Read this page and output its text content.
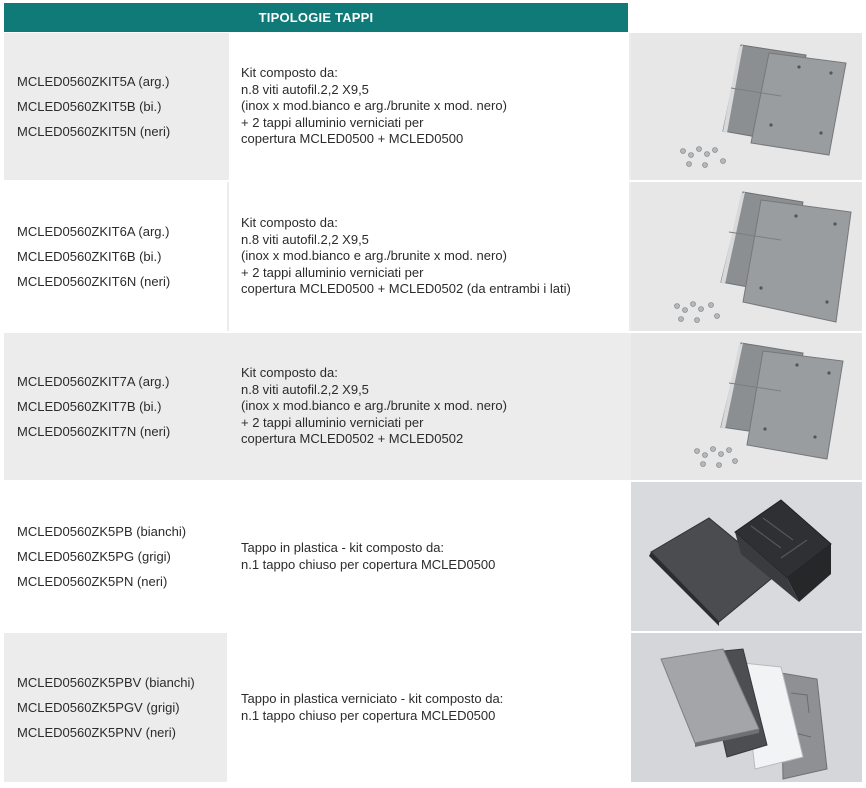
TIPOLOGIE TAPPI
MCLED0560ZKIT5A (arg.)
MCLED0560ZKIT5B (bi.)
MCLED0560ZKIT5N (neri)
Kit composto da:
n.8 viti autofil.2,2 X9,5
(inox x mod.bianco e arg./brunite x mod. nero)
+ 2 tappi alluminio verniciati per
copertura MCLED0500 + MCLED0500
MCLED0560ZKIT6A (arg.)
MCLED0560ZKIT6B (bi.)
MCLED0560ZKIT6N (neri)
Kit composto da:
n.8 viti autofil.2,2 X9,5
(inox x mod.bianco e arg./brunite x mod. nero)
+ 2 tappi alluminio verniciati per
copertura MCLED0500 + MCLED0502 (da entrambi i lati)
MCLED0560ZKIT7A (arg.)
MCLED0560ZKIT7B (bi.)
MCLED0560ZKIT7N (neri)
Kit composto da:
n.8 viti autofil.2,2 X9,5
(inox x mod.bianco e arg./brunite x mod. nero)
+ 2 tappi alluminio verniciati per
copertura MCLED0502 + MCLED0502
MCLED0560ZK5PB (bianchi)
MCLED0560ZK5PG (grigi)
MCLED0560ZK5PN (neri)
Tappo in plastica - kit composto da:
n.1 tappo chiuso per copertura MCLED0500
MCLED0560ZK5PBV (bianchi)
MCLED0560ZK5PGV (grigi)
MCLED0560ZK5PNV (neri)
Tappo in plastica verniciato - kit composto da:
n.1 tappo chiuso per copertura MCLED0500
